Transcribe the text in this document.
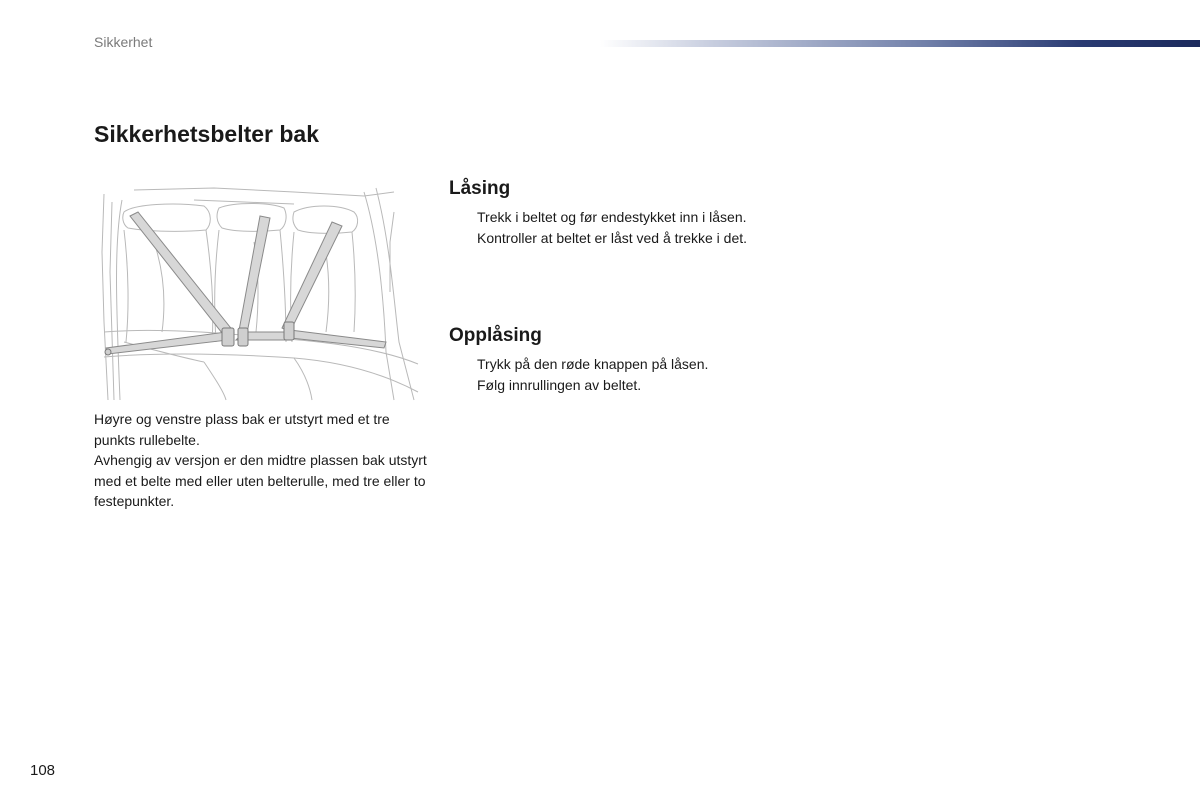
Sikkerhet
Sikkerhetsbelter bak

Høyre og venstre plass bak er utstyrt med et tre punkts rullebelte.

Avhengig av versjon er den midtre plassen bak utstyrt med et belte med eller uten belterulle, med tre eller to festepunkter.

Låsing
Trekk i beltet og før endestykket inn i låsen.
Kontroller at beltet er låst ved å trekke i det.
Opplåsing
Trykk på den røde knappen på låsen.
Følg innrullingen av beltet.
108
